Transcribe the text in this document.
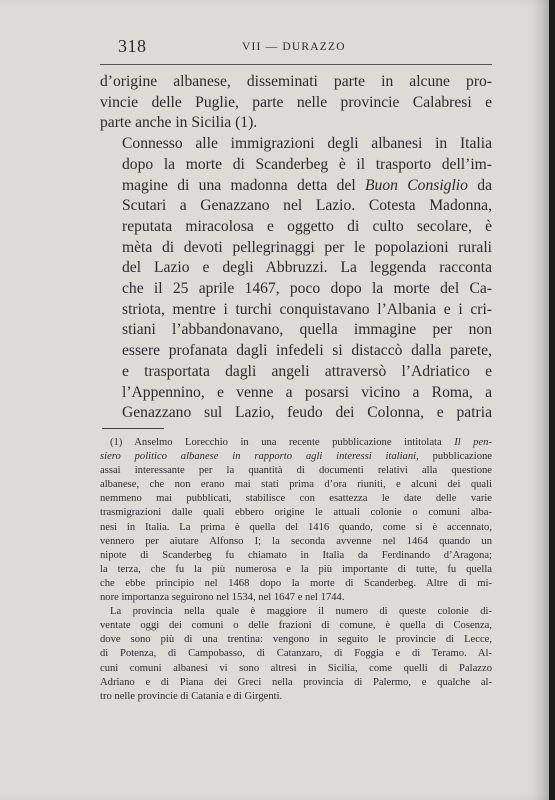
318	VII — DURAZZO

d’origine albanese, disseminati parte in alcune pro-
vincie delle Puglie, parte nelle provincie Calabresi e
parte anche in Sicilia (1).

Connesso alle immigrazioni degli albanesi in Italia
dopo la morte di Scanderbeg è il trasporto dell’im-
magine di una madonna detta del Buon Consiglio da
Scutari a Genazzano nel Lazio. Cotesta Madonna,
reputata miracolosa e oggetto di culto secolare, è
mèta di devoti pellegrinaggi per le popolazioni rurali
del Lazio e degli Abbruzzi. La leggenda racconta
che il 25 aprile 1467, poco dopo la morte del Ca-
striota, mentre i turchi conquistavano l’Albania e i cri-
stiani l’abbandonavano, quella immagine per non
essere profanata dagli infedeli si distaccò dalla parete,
e trasportata dagli angeli attraversò l’Adriatico e
l’Appennino, e venne a posarsi vicino a Roma, a
Genazzano sul Lazio, feudo dei Colonna, e patria

(1) Anselmo Lorecchio in una recente pubblicazione intitolata Il pen-
siero politico albanese in rapporto agli interessi italiani, pubblicazione
assai interessante per la quantità di documenti relativi alla questione
albanese, che non erano mai stati prima d’ora riuniti, e alcuni dei quali
nemmeno mai pubblicati, stabilisce con esattezza le date delle varie
trasmigrazioni dalle quali ebbero origine le attuali colonie o comuni alba-
nesi in Italia. La prima è quella del 1416 quando, come si è accennato,
vennero per aiutare Alfonso I; la seconda avvenne nel 1464 quando un
nipote di Scanderbeg fu chiamato in Italia da Ferdinando d’Aragona;
la terza, che fu la più numerosa e la più importante di tutte, fu quella
che ebbe principio nel 1468 dopo la morte di Scanderbeg. Altre di mi-
nore importanza seguirono nel 1534, nel 1647 e nel 1744.
La provincia nella quale è maggiore il numero di queste colonie di-
ventate oggi dei comuni o delle frazioni di comune, è quella di Cosenza,
dove sono più di una trentina: vengono in seguito le provincie di Lecce,
di Potenza, di Campobasso, di Catanzaro, di Foggia e di Teramo. Al-
cuni comuni albanesi vi sono altresì in Sicilia, come quelli di Palazzo
Adriano e di Piana dei Greci nella provincia di Palermo, e qualche al-
tro nelle provincie di Catania e di Girgenti.
